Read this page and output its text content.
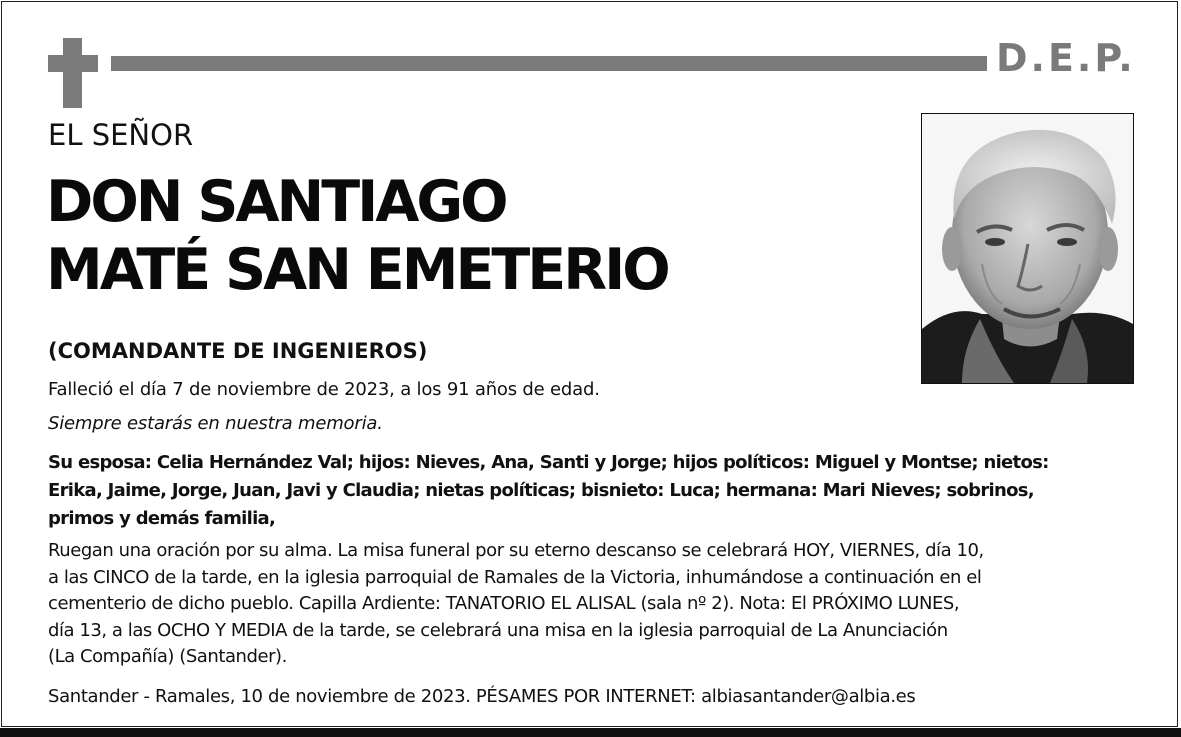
D.E.P.
EL SEÑOR
DON SANTIAGO
MATÉ SAN EMETERIO
(COMANDANTE DE INGENIEROS)
Falleció el día 7 de noviembre de 2023, a los 91 años de edad.
Siempre estarás en nuestra memoria.
Su esposa: Celia Hernández Val; hijos: Nieves, Ana, Santi y Jorge; hijos políticos: Miguel y Montse; nietos:
Erika, Jaime, Jorge, Juan, Javi y Claudia; nietas políticas; bisnieto: Luca; hermana: Mari Nieves; sobrinos,
primos y demás familia,
Ruegan una oración por su alma. La misa funeral por su eterno descanso se celebrará HOY, VIERNES, día 10,
a las CINCO de la tarde, en la iglesia parroquial de Ramales de la Victoria, inhumándose a continuación en el
cementerio de dicho pueblo. Capilla Ardiente: TANATORIO EL ALISAL (sala nº 2). Nota: El PRÓXIMO LUNES,
día 13, a las OCHO Y MEDIA de la tarde, se celebrará una misa en la iglesia parroquial de La Anunciación
(La Compañía) (Santander).
Santander - Ramales, 10 de noviembre de 2023. PÉSAMES POR INTERNET: albiasantander@albia.es
